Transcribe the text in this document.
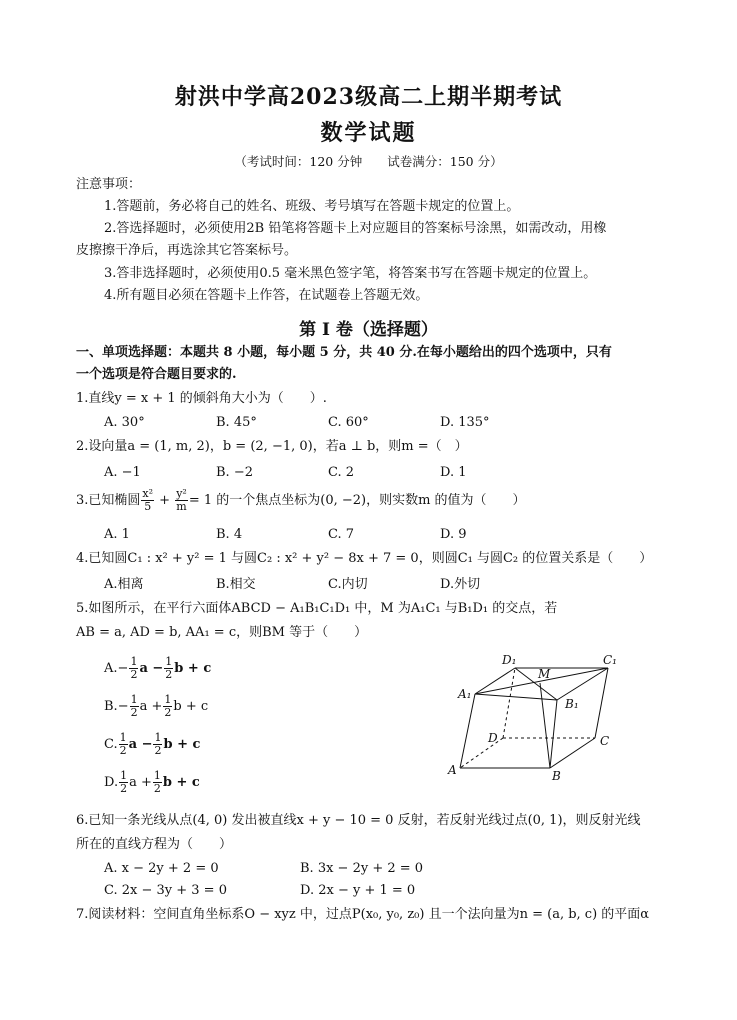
射洪中学高2023级高二上期半期考试
数学试题
（考试时间：120 分钟　　试卷满分：150 分）
注意事项：
1.答题前，务必将自己的姓名、班级、考号填写在答题卡规定的位置上。
2.答选择题时，必须使用2B 铅笔将答题卡上对应题目的答案标号涂黑，如需改动，用橡
皮擦擦干净后，再选涂其它答案标号。
3.答非选择题时，必须使用0.5 毫米黑色签字笔，将答案书写在答题卡规定的位置上。
4.所有题目必须在答题卡上作答，在试题卷上答题无效。
第 I 卷（选择题）
一、单项选择题：本题共 8 小题，每小题 5 分，共 40 分.在每小题给出的四个选项中，只有
一个选项是符合题目要求的.
1.直线y = x + 1 的倾斜角大小为（　　）.
A. 30°	B. 45°	C. 60°	D. 135°
2.设向量a = (1, m, 2)，b = (2, −1, 0)，若a ⊥ b，则m =（　）
A. −1	B. −2	C. 2	D. 1
3.已知椭圆 $\frac{\text{x²}}{5} + \frac{\text{y²}}{m} = 1$ 的一个焦点坐标为(0, −2)，则实数m 的值为（　　）
A. 1	B. 4	C. 7	D. 9
4.已知圆C₁ : x² + y² = 1 与圆C₂ : x² + y² − 8x + 7 = 0，则圆C₁ 与圆C₂ 的位置关系是（　　）
A.相离	B.相交	C.内切	D.外切
5.如图所示，在平行六面体ABCD − A₁B₁C₁D₁ 中，M 为A₁C₁ 与B₁D₁ 的交点，若
AB = a, AD = b, AA₁ = c，则BM 等于（　　）
$A.- \frac{1}{2}$ $a - \frac{1}{2}$ b + c
$B.- \frac{1}{2}$ $a + \frac{1}{2}$ b + c
C. $\frac{1}{2}$ $a - \frac{1}{2}$ b + c
D. $\frac{1}{2}$ $a + \frac{1}{2}$ b + c
D₁	C₁
M
A₁
B₁
D	C
A	B
6.已知一条光线从点(4, 0) 发出被直线x + y − 10 = 0 反射，若反射光线过点(0, 1)，则反射光线
所在的直线方程为（　　）
A. x − 2y + 2 = 0	B. 3x − 2y + 2 = 0
C. 2x − 3y + 3 = 0	D. 2x − y + 1 = 0
7.阅读材料：空间直角坐标系O − xyz 中，过点P(x₀, y₀, z₀) 且一个法向量为n = (a, b, c) 的平面α
